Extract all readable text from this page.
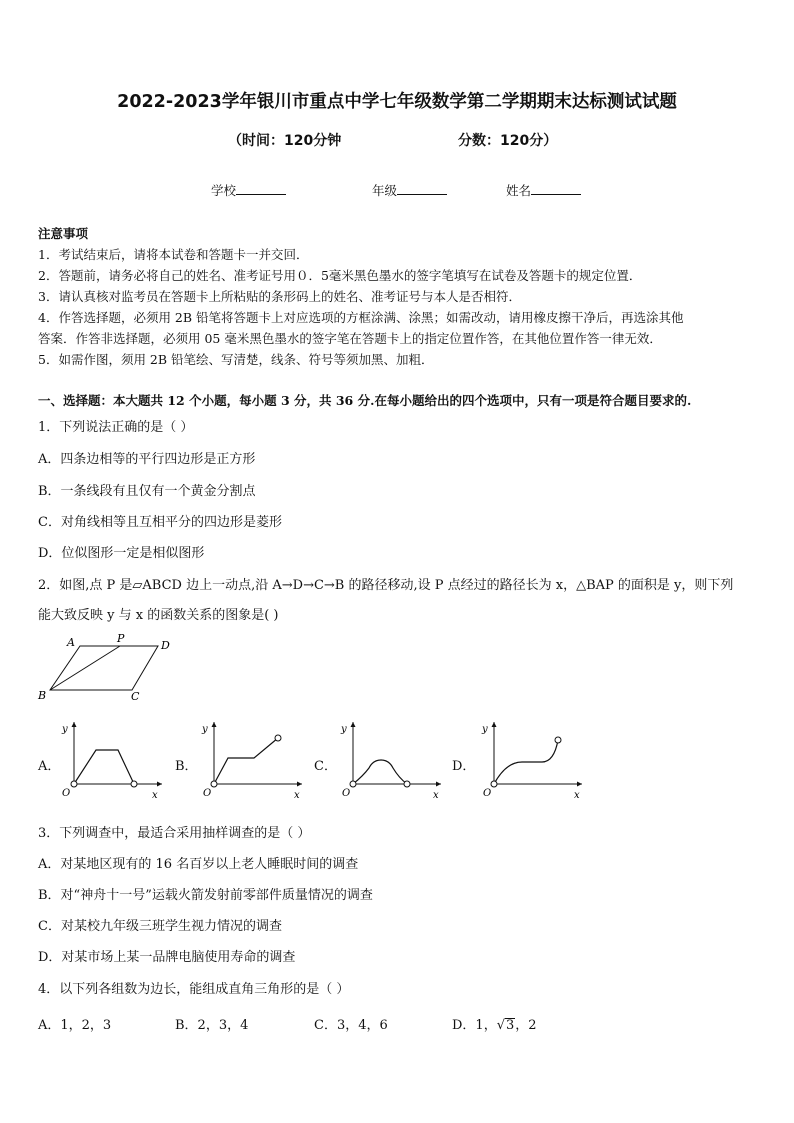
2022-2023学年银川市重点中学七年级数学第二学期期末达标测试试题
（时间：120分钟	分数：120分）
学校	年级	姓名
注意事项
1．考试结束后，请将本试卷和答题卡一并交回．
2．答题前，请务必将自己的姓名、准考证号用０．5毫米黑色墨水的签字笔填写在试卷及答题卡的规定位置．
3．请认真核对监考员在答题卡上所粘贴的条形码上的姓名、准考证号与本人是否相符．
4．作答选择题，必须用 2B 铅笔将答题卡上对应选项的方框涂满、涂黑；如需改动，请用橡皮擦干净后，再选涂其他
答案．作答非选择题，必须用 05 毫米黑色墨水的签字笔在答题卡上的指定位置作答，在其他位置作答一律无效．
5．如需作图，须用 2B 铅笔绘、写清楚，线条、符号等须加黑、加粗．
一、选择题：本大题共 12 个小题，每小题 3 分，共 36 分.在每小题给出的四个选项中，只有一项是符合题目要求的.
1．下列说法正确的是（ ）
A．四条边相等的平行四边形是正方形
B．一条线段有且仅有一个黄金分割点
C．对角线相等且互相平分的四边形是菱形
D．位似图形一定是相似图形
2．如图,点 P 是▱ABCD 边上一动点,沿 A→D→C→B 的路径移动,设 P 点经过的路径长为 x，△BAP 的面积是 y，则下列
能大致反映 y 与 x 的函数关系的图象是( )
A	P
D
B	C
A．	B．	C．	D．
y
x
O
y
x
O
y
x
O
y
x
O
3．下列调查中，最适合采用抽样调查的是（ ）
A．对某地区现有的 16 名百岁以上老人睡眠时间的调查
B．对“神舟十一号”运载火箭发射前零部件质量情况的调查
C．对某校九年级三班学生视力情况的调查
D．对某市场上某一品牌电脑使用寿命的调查
4．以下列各组数为边长，能组成直角三角形的是（ ）
A．1，2，3	B．2，3，4	C．3，4，6	D．1，√3，2
